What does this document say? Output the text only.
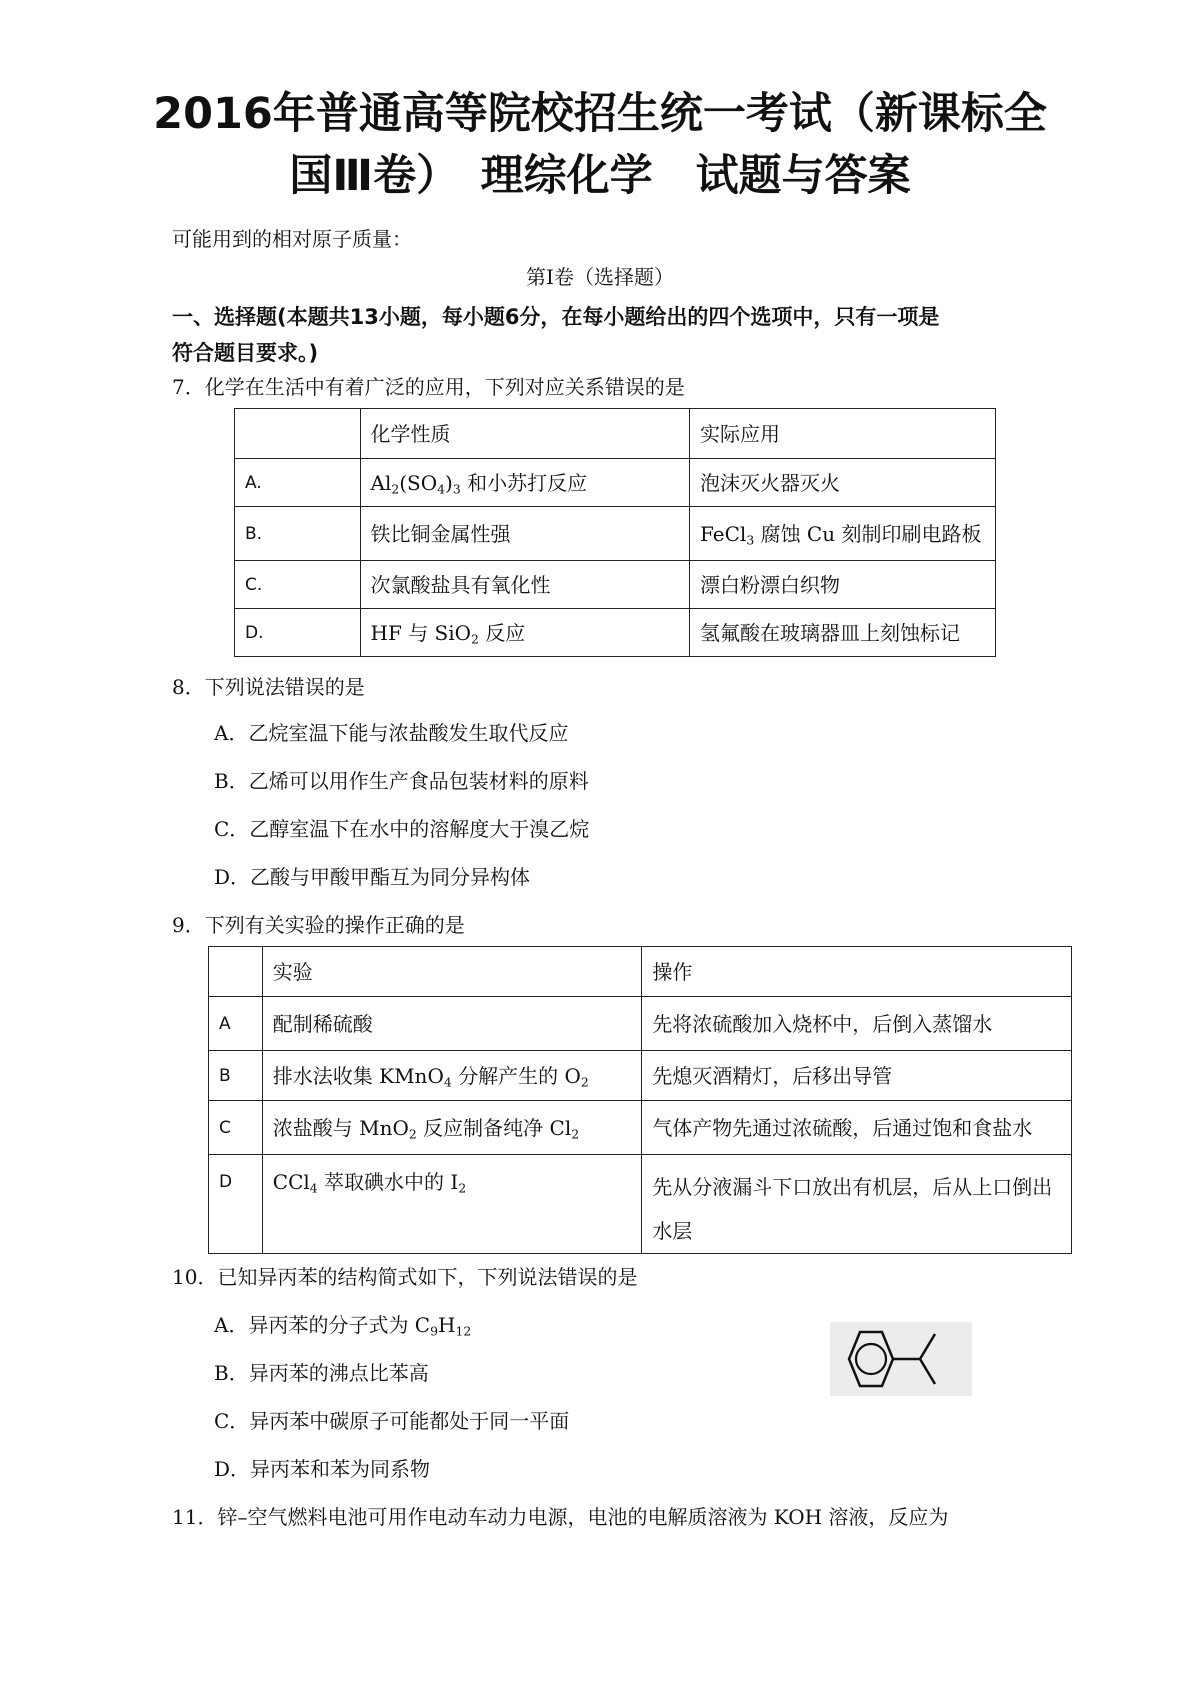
2016年普通高等院校招生统一考试（新课标全
国Ⅲ卷）　理综化学　试题与答案
可能用到的相对原子质量：
第Ⅰ卷（选择题）
一、选择题(本题共13小题，每小题6分，在每小题给出的四个选项中，只有一项是
符合题目要求。)
7．化学在生活中有着广泛的应用，下列对应关系错误的是
	化学性质	实际应用
A.	$Al_2(SO_4)_3$ 和小苏打反应	泡沫灭火器灭火
B.	铁比铜金属性强	FeCl$_3$ 腐蚀 Cu 刻制印刷电路板
C.	次氯酸盐具有氧化性	漂白粉漂白织物
D.	HF 与 SiO$_2$ 反应	氢氟酸在玻璃器皿上刻蚀标记
8．下列说法错误的是
A．乙烷室温下能与浓盐酸发生取代反应
B．乙烯可以用作生产食品包装材料的原料
C．乙醇室温下在水中的溶解度大于溴乙烷
D．乙酸与甲酸甲酯互为同分异构体
9．下列有关实验的操作正确的是
	实验	操作
A	配制稀硫酸	先将浓硫酸加入烧杯中，后倒入蒸馏水
B	排水法收集 KMnO$_4$ 分解产生的 $O_2$	先熄灭酒精灯，后移出导管
C	浓盐酸与 MnO$_2$ 反应制备纯净 $Cl_2$	气体产物先通过浓硫酸，后通过饱和食盐水
D	CCl$_4$ 萃取碘水中的 $I_2$	先从分液漏斗下口放出有机层，后从上口倒出水层
10．已知异丙苯的结构简式如下，下列说法错误的是
A．异丙苯的分子式为 $C_9H_{12}$
B．异丙苯的沸点比苯高
C．异丙苯中碳原子可能都处于同一平面
D．异丙苯和苯为同系物
11．锌–空气燃料电池可用作电动车动力电源，电池的电解质溶液为 KOH 溶液，反应为
